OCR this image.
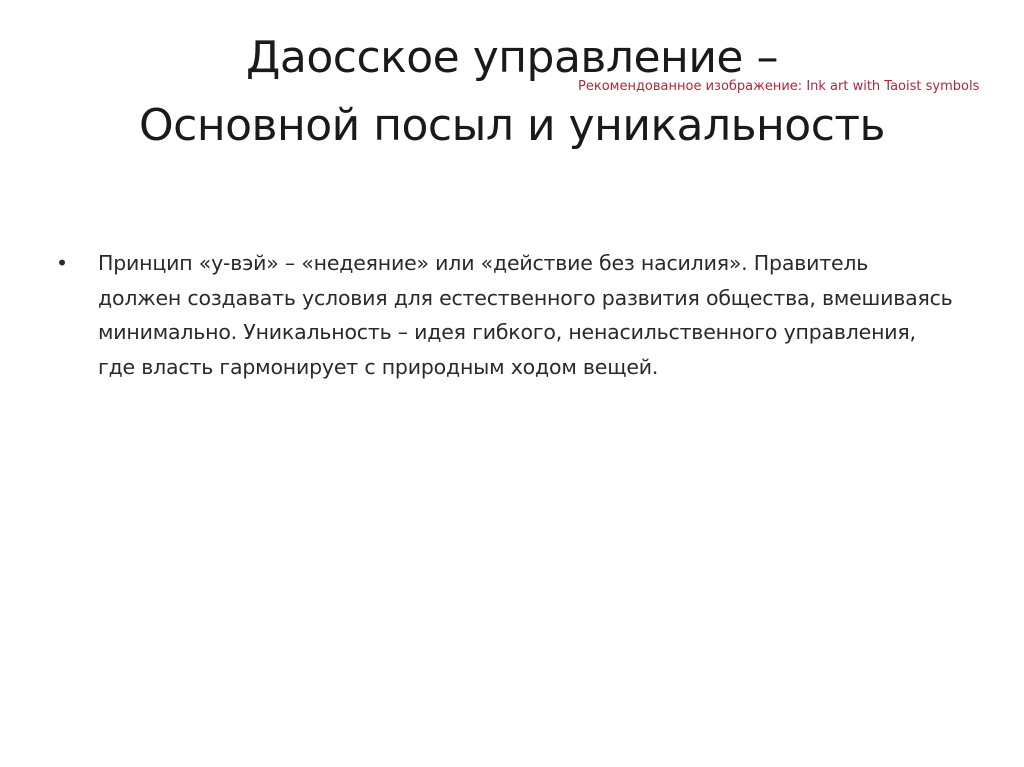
Даосское управление –
Основной посыл и уникальность
Рекомендованное изображение: Ink art with Taoist symbols
•	Принцип «у-вэй» – «недеяние» или «действие без насилия». Правитель должен создавать условия для естественного развития общества, вмешиваясь минимально. Уникальность – идея гибкого, ненасильственного управления, где власть гармонирует с природным ходом вещей.
